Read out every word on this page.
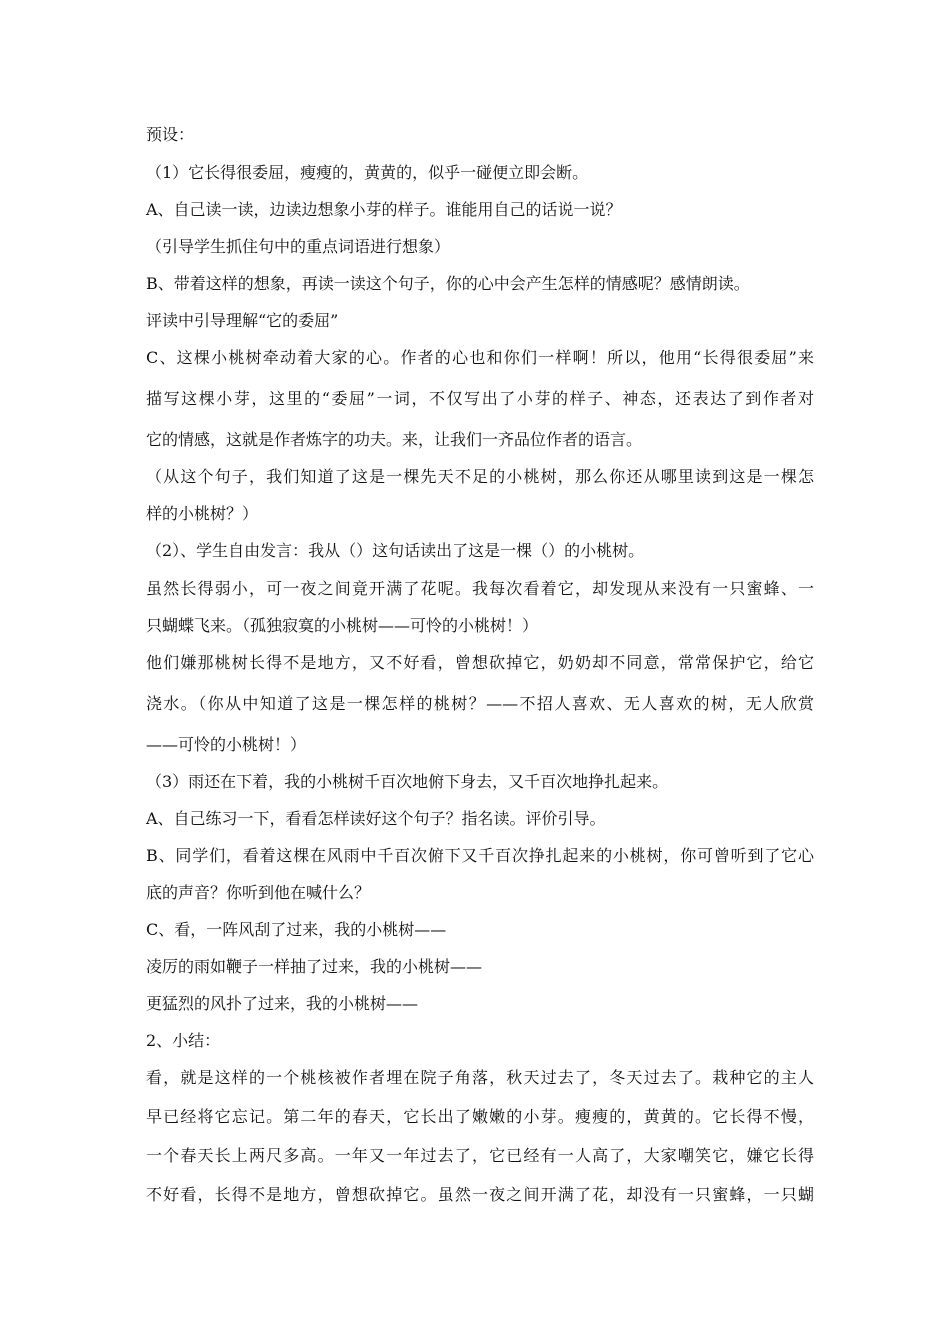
预设：
（1）它长得很委屈，瘦瘦的，黄黄的，似乎一碰便立即会断。
A、自己读一读，边读边想象小芽的样子。谁能用自己的话说一说？
（引导学生抓住句中的重点词语进行想象）
B、带着这样的想象，再读一读这个句子，你的心中会产生怎样的情感呢？感情朗读。
评读中引导理解“它的委屈”
C、这棵小桃树牵动着大家的心。作者的心也和你们一样啊！所以，他用“长得很委屈”来
描写这棵小芽，这里的“委屈”一词，不仅写出了小芽的样子、神态，还表达了到作者对
它的情感，这就是作者炼字的功夫。来，让我们一齐品位作者的语言。
（从这个句子，我们知道了这是一棵先天不足的小桃树，那么你还从哪里读到这是一棵怎
样的小桃树？）
（2）、学生自由发言：我从（）这句话读出了这是一棵（）的小桃树。
虽然长得弱小，可一夜之间竟开满了花呢。我每次看着它，却发现从来没有一只蜜蜂、一
只蝴蝶飞来。（孤独寂寞的小桃树——可怜的小桃树！）
他们嫌那桃树长得不是地方，又不好看，曾想砍掉它，奶奶却不同意，常常保护它，给它
浇水。（你从中知道了这是一棵怎样的桃树？——不招人喜欢、无人喜欢的树，无人欣赏
——可怜的小桃树！）
（3）雨还在下着，我的小桃树千百次地俯下身去，又千百次地挣扎起来。
A、自己练习一下，看看怎样读好这个句子？指名读。评价引导。
B、同学们，看着这棵在风雨中千百次俯下又千百次挣扎起来的小桃树，你可曾听到了它心
底的声音？你听到他在喊什么？
C、看，一阵风刮了过来，我的小桃树——
凌厉的雨如鞭子一样抽了过来，我的小桃树——
更猛烈的风扑了过来，我的小桃树——
2、小结：
看，就是这样的一个桃核被作者埋在院子角落，秋天过去了，冬天过去了。栽种它的主人
早已经将它忘记。第二年的春天，它长出了嫩嫩的小芽。瘦瘦的，黄黄的。它长得不慢，
一个春天长上两尺多高。一年又一年过去了，它已经有一人高了，大家嘲笑它，嫌它长得
不好看，长得不是地方，曾想砍掉它。虽然一夜之间开满了花，却没有一只蜜蜂，一只蝴
